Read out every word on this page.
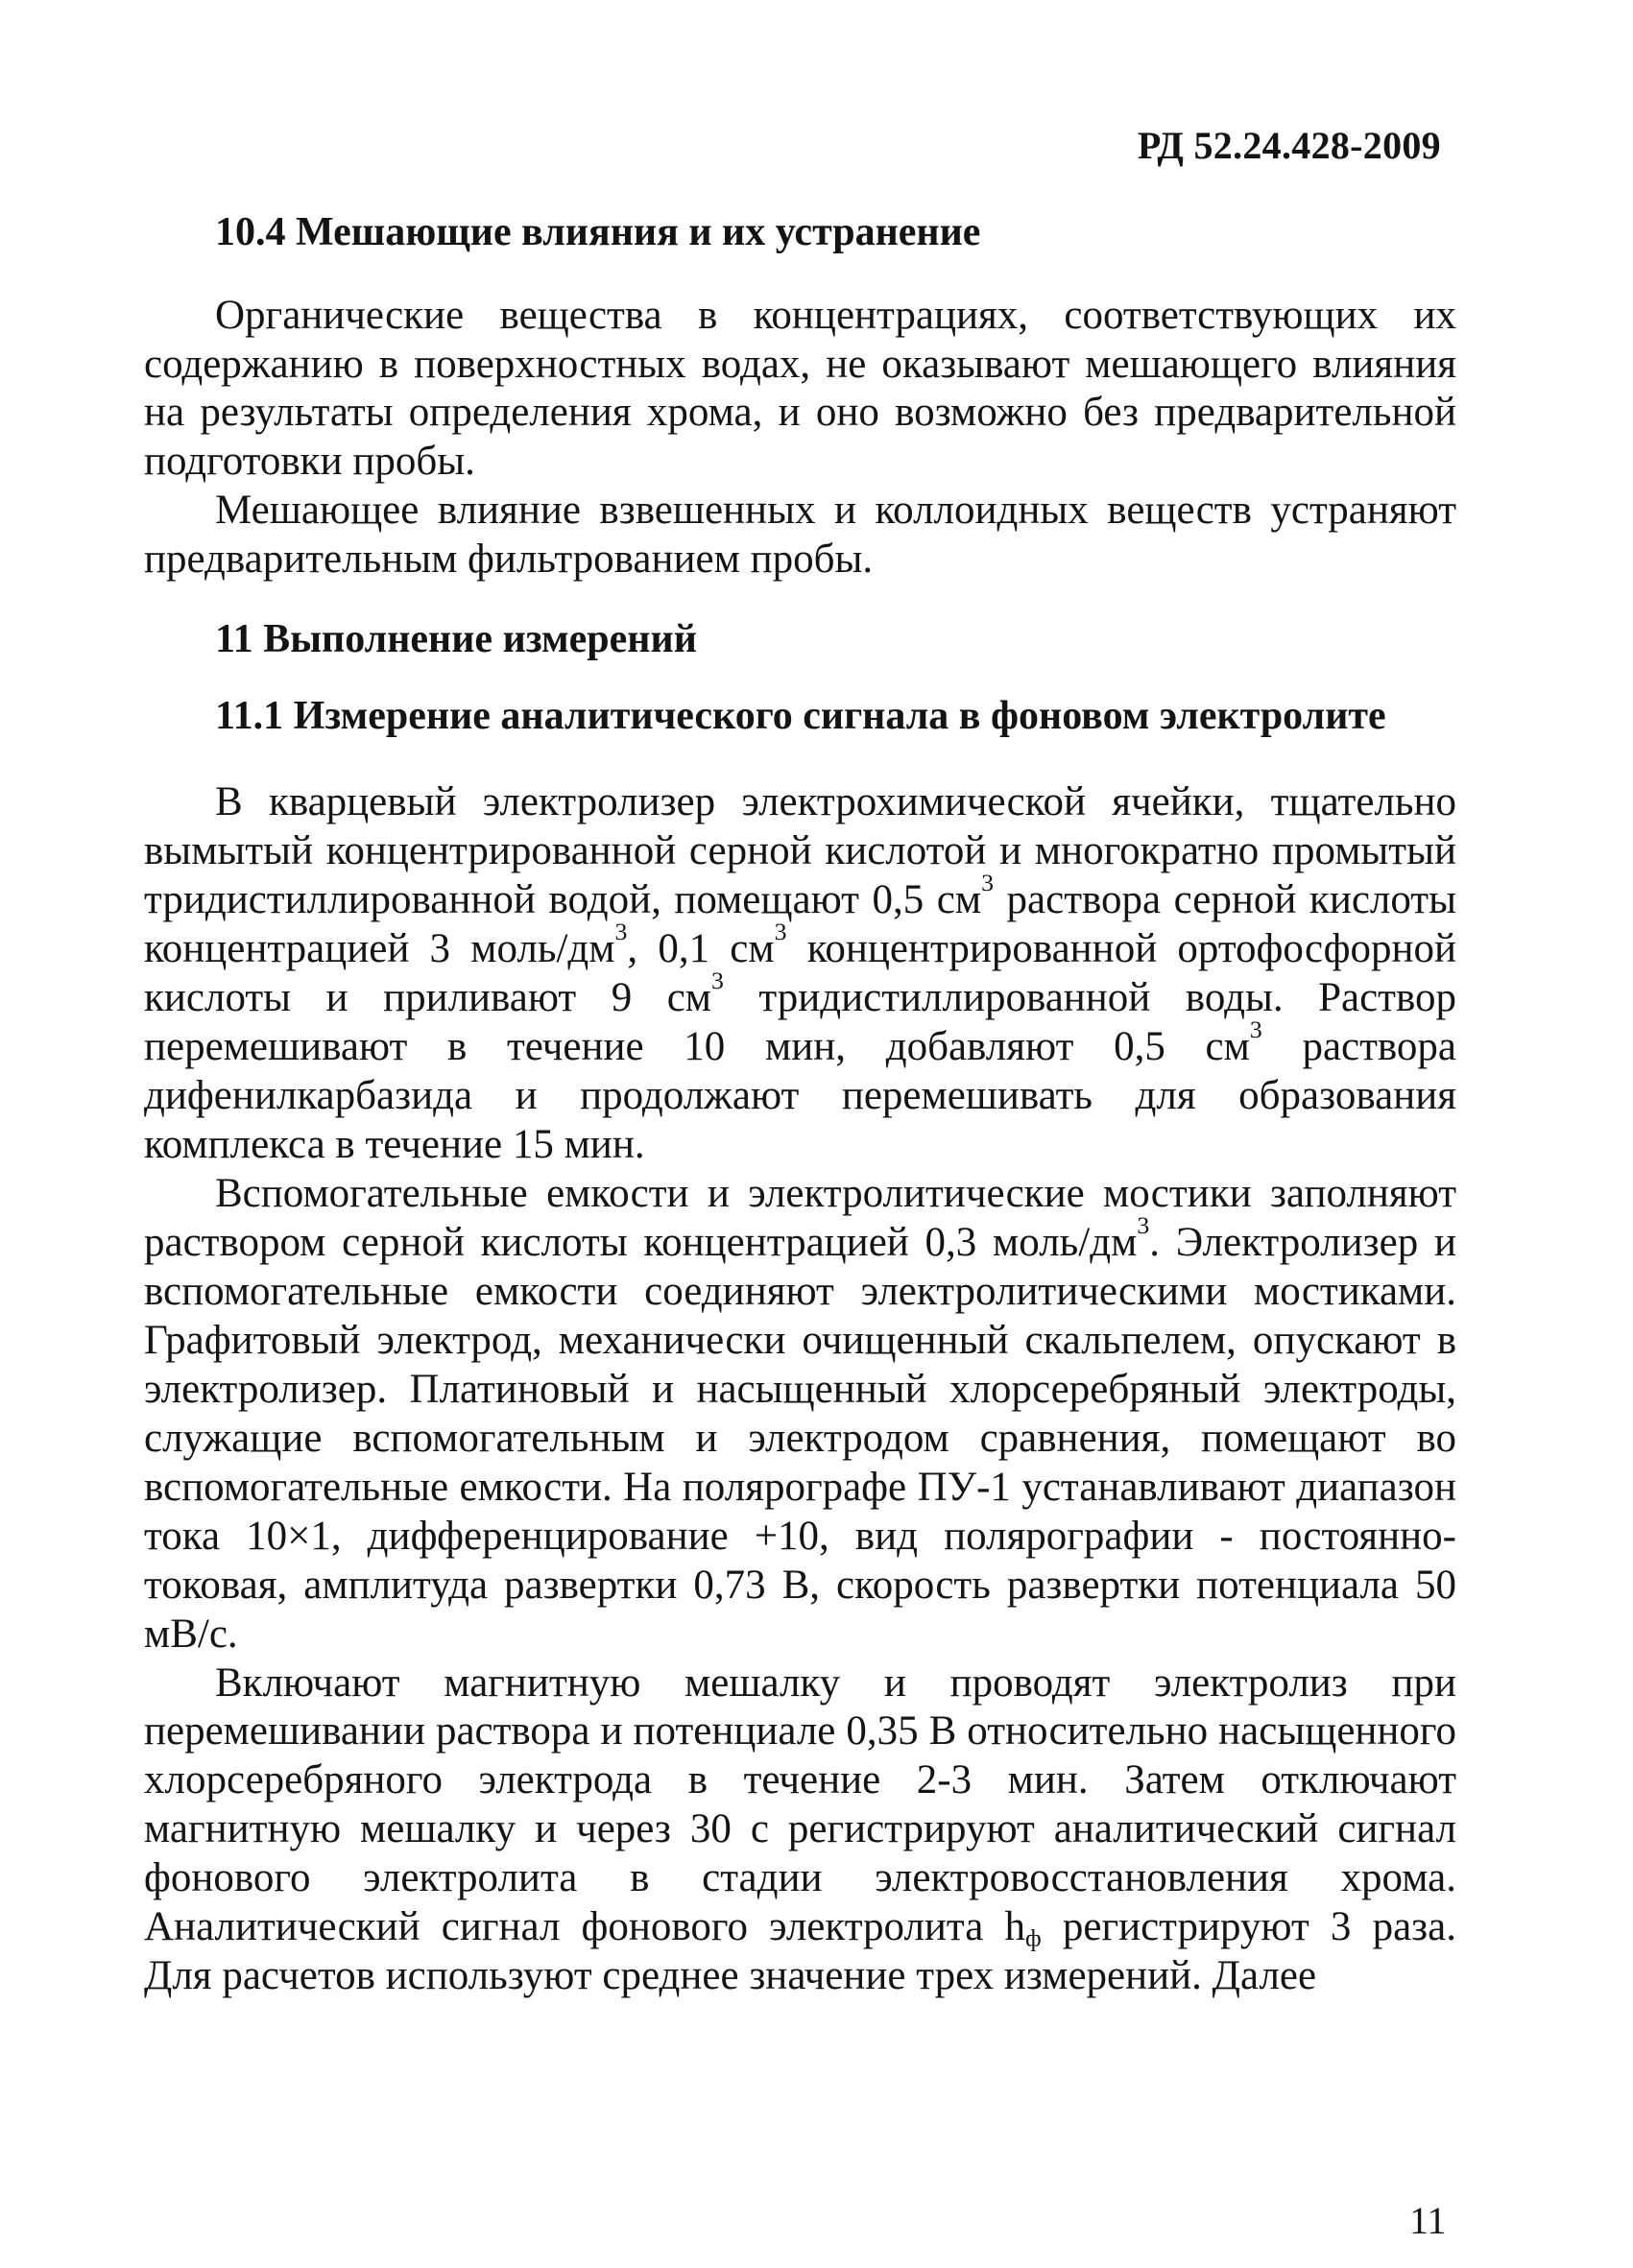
РД 52.24.428-2009
10.4 Мешающие влияния и их устранение

Органические вещества в концентрациях, соответствующих их содержанию в поверхностных водах, не оказывают мешающего влияния на результаты определения хрома, и оно возможно без предварительной подготовки пробы.

Мешающее влияние взвешенных и коллоидных веществ устраняют предварительным фильтрованием пробы.

11 Выполнение измерений
11.1 Измерение аналитического сигнала в фоновом электролите

В кварцевый электролизер электрохимической ячейки, тщательно вымытый концентрированной серной кислотой и многократно промытый тридистиллированной водой, помещают 0,5 $см^3$ раствора серной кислоты концентрацией 3 моль/$дм^3$, 0,1 $см^3$ концентрированной ортофосфорной кислоты и приливают 9 $см^3$ тридистиллированной воды. Раствор перемешивают в течение 10 мин, добавляют 0,5 $см^3$ раствора дифенилкарбазида и продолжают перемешивать для образования комплекса в течение 15 мин.

Вспомогательные емкости и электролитические мостики заполняют раствором серной кислоты концентрацией 0,3 моль/$дм^3$. Электролизер и вспомогательные емкости соединяют электролитическими мостиками. Графитовый электрод, механически очищенный скальпелем, опускают в электролизер. Платиновый и насыщенный хлорсеребряный электроды, служащие вспомогательным и электродом сравнения, помещают во вспомогательные емкости. На полярографе ПУ-1 устанавливают диапазон тока 10×1, дифференцирование +10, вид полярографии - постоянно-токовая, амплитуда развертки 0,73 В, скорость развертки потенциала 50 мВ/с.

Включают магнитную мешалку и проводят электролиз при перемешивании раствора и потенциале 0,35 В относительно насыщенного хлорсеребряного электрода в течение 2-3 мин. Затем отключают магнитную мешалку и через 30 с регистрируют аналитический сигнал фонового электролита в стадии электровосстановления хрома. Аналитический сигнал фонового электролита $h_ф$ регистрируют 3 раза. Для расчетов используют среднее значение трех измерений. Далее

11
